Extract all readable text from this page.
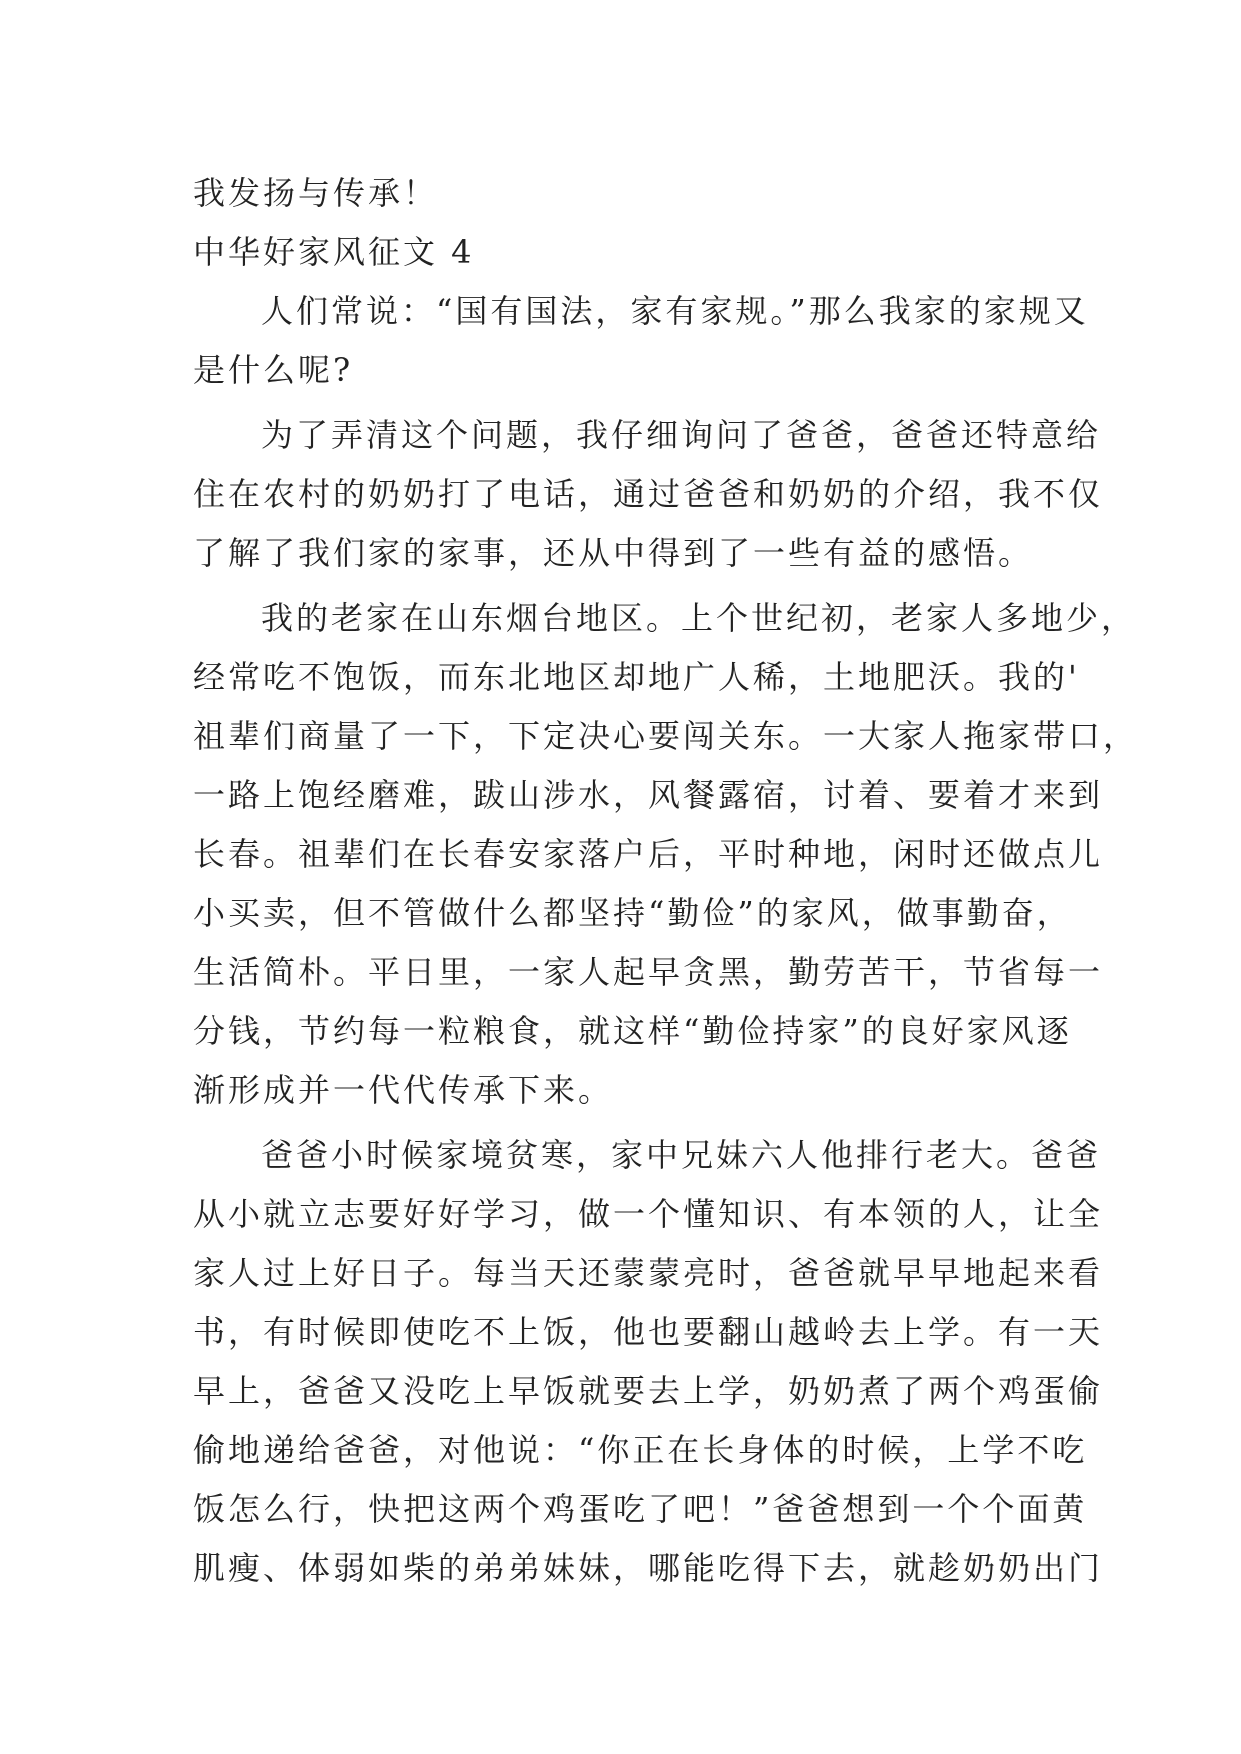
我发扬与传承！
中华好家风征文 4
人们常说：“国有国法，家有家规。”那么我家的家规又
是什么呢?
为了弄清这个问题，我仔细询问了爸爸，爸爸还特意给
住在农村的奶奶打了电话，通过爸爸和奶奶的介绍，我不仅
了解了我们家的家事，还从中得到了一些有益的感悟。
我的老家在山东烟台地区。上个世纪初，老家人多地少，
经常吃不饱饭，而东北地区却地广人稀，土地肥沃。我的'
祖辈们商量了一下，下定决心要闯关东。一大家人拖家带口，
一路上饱经磨难，跋山涉水，风餐露宿，讨着、要着才来到
长春。祖辈们在长春安家落户后，平时种地，闲时还做点儿
小买卖，但不管做什么都坚持“勤俭”的家风，做事勤奋，
生活简朴。平日里，一家人起早贪黑，勤劳苦干，节省每一
分钱，节约每一粒粮食，就这样“勤俭持家”的良好家风逐
渐形成并一代代传承下来。
爸爸小时候家境贫寒，家中兄妹六人他排行老大。爸爸
从小就立志要好好学习，做一个懂知识、有本领的人，让全
家人过上好日子。每当天还蒙蒙亮时，爸爸就早早地起来看
书，有时候即使吃不上饭，他也要翻山越岭去上学。有一天
早上，爸爸又没吃上早饭就要去上学，奶奶煮了两个鸡蛋偷
偷地递给爸爸，对他说：“你正在长身体的时候，上学不吃
饭怎么行，快把这两个鸡蛋吃了吧！”爸爸想到一个个面黄
肌瘦、体弱如柴的弟弟妹妹，哪能吃得下去，就趁奶奶出门
